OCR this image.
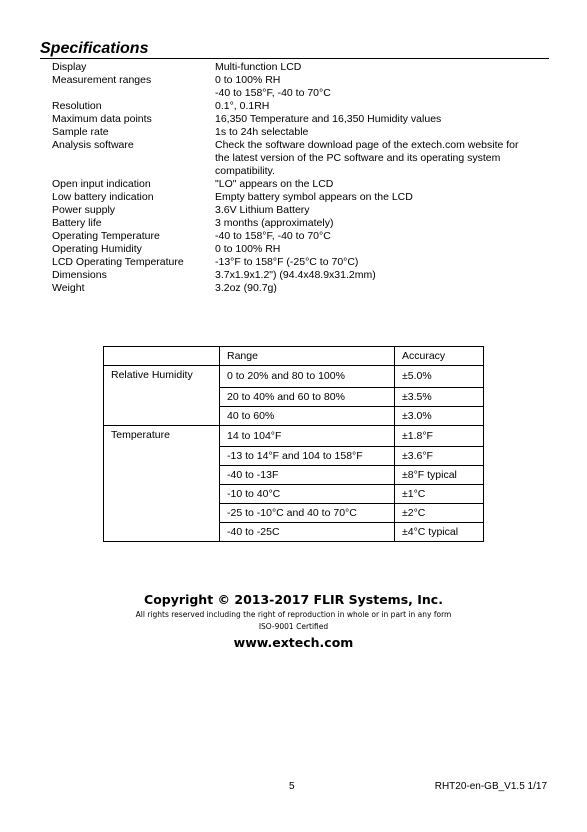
Specifications
Display	Multi-function LCD
Measurement ranges	0 to 100% RH
-40 to 158°F, -40 to 70°C
Resolution	0.1°, 0.1RH
Maximum data points	16,350 Temperature and 16,350 Humidity values
Sample rate	1s to 24h selectable
Analysis software	Check the software download page of the extech.com website for
the latest version of the PC software and its operating system
compatibility.
Open input indication	"LO" appears on the LCD
Low battery indication	Empty battery symbol appears on the LCD
Power supply	3.6V Lithium Battery
Battery life	3 months (approximately)
Operating Temperature	-40 to 158°F, -40 to 70°C
Operating Humidity	0 to 100% RH
LCD Operating Temperature	-13°F to 158°F (-25°C to 70°C)
Dimensions	3.7x1.9x1.2") (94.4x48.9x31.2mm)
Weight	3.2oz (90.7g)
	Range	Accuracy
Relative Humidity	0 to 20% and 80 to 100%	±5.0%
	20 to 40% and 60 to 80%	±3.5%
	40 to 60%	±3.0%
Temperature	14 to 104°F	±1.8°F
	-13 to 14°F and 104 to 158°F	±3.6°F
	-40 to -13F	±8°F typical
	-10 to 40°C	±1°C
	-25 to -10°C and 40 to 70°C	±2°C
	-40 to -25C	±4°C typical
Copyright © 2013-2017 FLIR Systems, Inc.
All rights reserved including the right of reproduction in whole or in part in any form
ISO-9001 Certified
www.extech.com
5	RHT20-en-GB_V1.5 1/17
